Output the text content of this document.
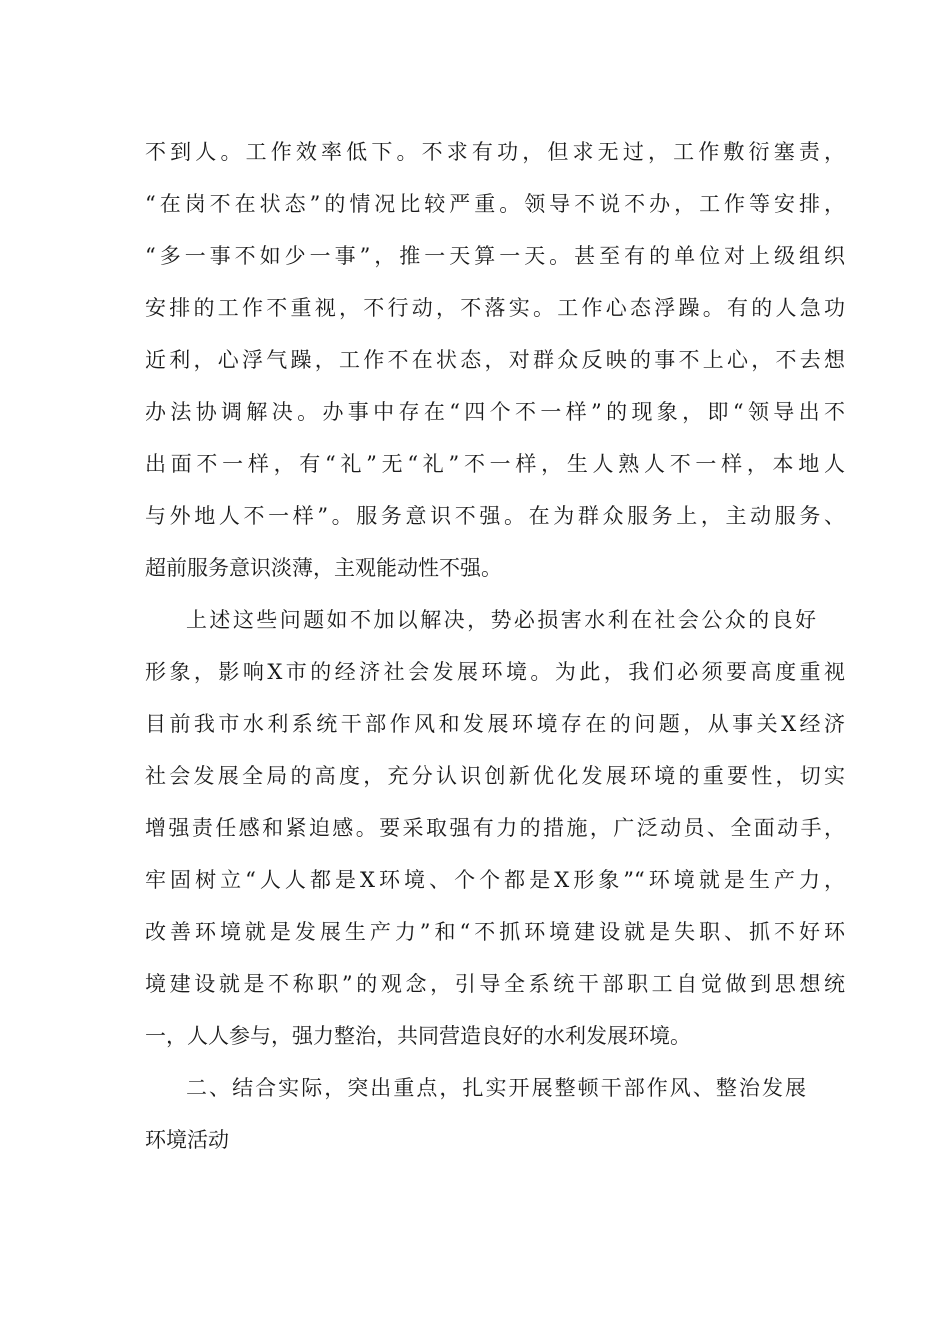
不到人。工作效率低下。不求有功，但求无过，工作敷衍塞责，
“在岗不在状态”的情况比较严重。领导不说不办，工作等安排，
“多一事不如少一事”，推一天算一天。甚至有的单位对上级组织
安排的工作不重视，不行动，不落实。工作心态浮躁。有的人急功
近利，心浮气躁，工作不在状态，对群众反映的事不上心，不去想
办法协调解决。办事中存在“四个不一样”的现象，即“领导出不
出面不一样，有“礼”无“礼”不一样，生人熟人不一样，本地人
与外地人不一样”。服务意识不强。在为群众服务上，主动服务、
超前服务意识淡薄，主观能动性不强。
上述这些问题如不加以解决，势必损害水利在社会公众的良好
形象，影响X市的经济社会发展环境。为此，我们必须要高度重视
目前我市水利系统干部作风和发展环境存在的问题，从事关X经济
社会发展全局的高度，充分认识创新优化发展环境的重要性，切实
增强责任感和紧迫感。要采取强有力的措施，广泛动员、全面动手，
牢固树立“人人都是X环境、个个都是X形象”“环境就是生产力，
改善环境就是发展生产力”和“不抓环境建设就是失职、抓不好环
境建设就是不称职”的观念，引导全系统干部职工自觉做到思想统
一，人人参与，强力整治，共同营造良好的水利发展环境。
二、结合实际，突出重点，扎实开展整顿干部作风、整治发展
环境活动
